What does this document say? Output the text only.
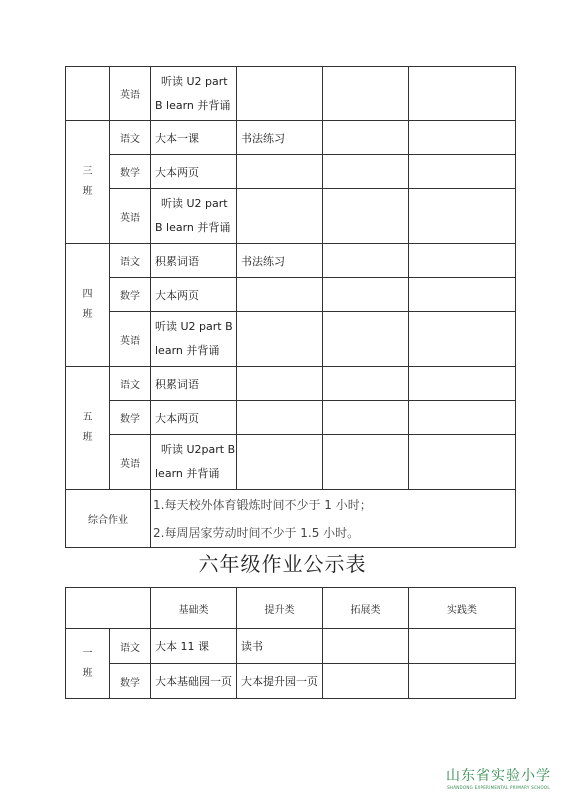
	英语	听读 U2 part
B learn 并背诵			

三
班	语文	大本一课	书法练习		
	数学	大本两页			
	英语	听读 U2 part
B learn 并背诵			

四
班	语文	积累词语	书法练习		
	数学	大本两页			
	英语	听读 U2 part B
learn 并背诵			

五
班	语文	积累词语			
	数学	大本两页			
	英语	听读 U2part B
learn 并背诵			

综合作业		1.每天校外体育锻炼时间不少于 1 小时；
2.每周居家劳动时间不少于 1.5 小时。			
六年级作业公示表
		基础类	提升类	拓展类	实践类

一
班	语文	大本 11 课	读书		
	数学	大本基础园一页	大本提升园一页		
山东省实验小学
SHANDONG EXPERIMENTAL PRIMARY SCHOOL
